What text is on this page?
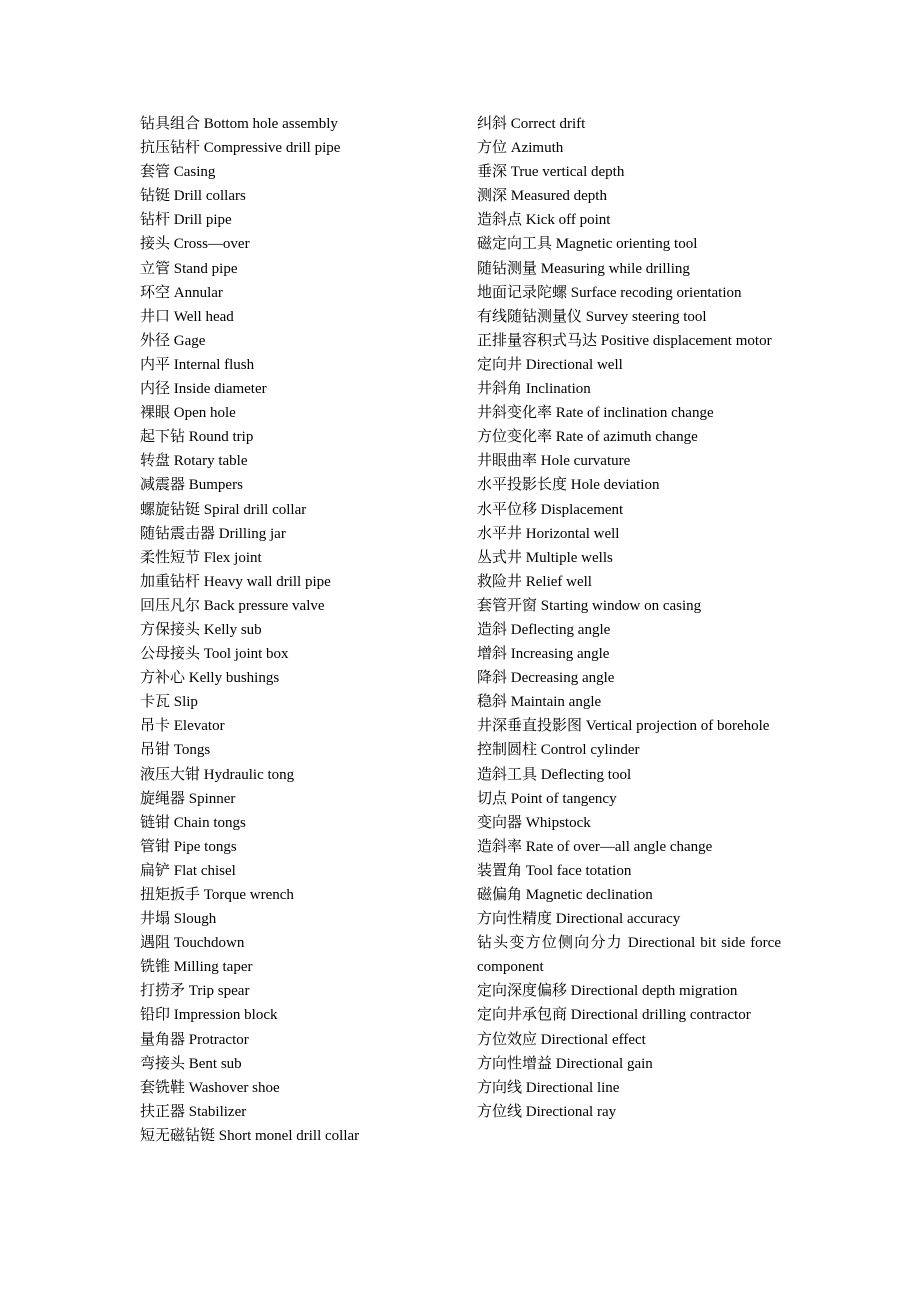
钻具组合 Bottom hole assembly
抗压钻杆 Compressive drill pipe
套管 Casing
钻铤 Drill collars
钻杆 Drill pipe
接头 Cross—over
立管 Stand pipe
环空 Annular
井口 Well head
外径 Gage
内平 Internal flush
内径 Inside diameter
裸眼 Open hole
起下钻 Round trip
转盘 Rotary table
减震器 Bumpers
螺旋钻铤 Spiral drill collar
随钻震击器 Drilling jar
柔性短节 Flex joint
加重钻杆 Heavy wall drill pipe
回压凡尔 Back pressure valve
方保接头 Kelly sub
公母接头 Tool joint box
方补心 Kelly bushings
卡瓦 Slip
吊卡 Elevator
吊钳 Tongs
液压大钳 Hydraulic tong
旋绳器 Spinner
链钳 Chain tongs
管钳 Pipe tongs
扁铲 Flat chisel
扭矩扳手 Torque wrench
井塌 Slough
遇阻 Touchdown
铣锥 Milling taper
打捞矛 Trip spear
铅印 Impression block
量角器 Protractor
弯接头 Bent sub
套铣鞋 Washover shoe
扶正器 Stabilizer
短无磁钻铤 Short monel drill collar
纠斜 Correct drift
方位 Azimuth
垂深 True vertical depth
测深 Measured depth
造斜点 Kick off point
磁定向工具 Magnetic orienting tool
随钻测量 Measuring while drilling
地面记录陀螺 Surface recoding orientation
有线随钻测量仪 Survey steering tool
正排量容积式马达 Positive displacement motor
定向井 Directional well
井斜角 Inclination
井斜变化率 Rate of inclination change
方位变化率 Rate of azimuth change
井眼曲率 Hole curvature
水平投影长度 Hole deviation
水平位移 Displacement
水平井 Horizontal well
丛式井 Multiple wells
救险井 Relief well
套管开窗 Starting window on casing
造斜 Deflecting angle
增斜 Increasing angle
降斜 Decreasing angle
稳斜 Maintain angle
井深垂直投影图 Vertical projection of borehole
控制圆柱 Control cylinder
造斜工具 Deflecting tool
切点 Point of tangency
变向器 Whipstock
造斜率 Rate of over—all angle change
装置角 Tool face totation
磁偏角 Magnetic declination
方向性精度 Directional accuracy
钻头变方位侧向分力 Directional bit side force component
定向深度偏移 Directional depth migration
定向井承包商 Directional drilling contractor
方位效应 Directional effect
方向性增益 Directional gain
方向线 Directional line
方位线 Directional ray
